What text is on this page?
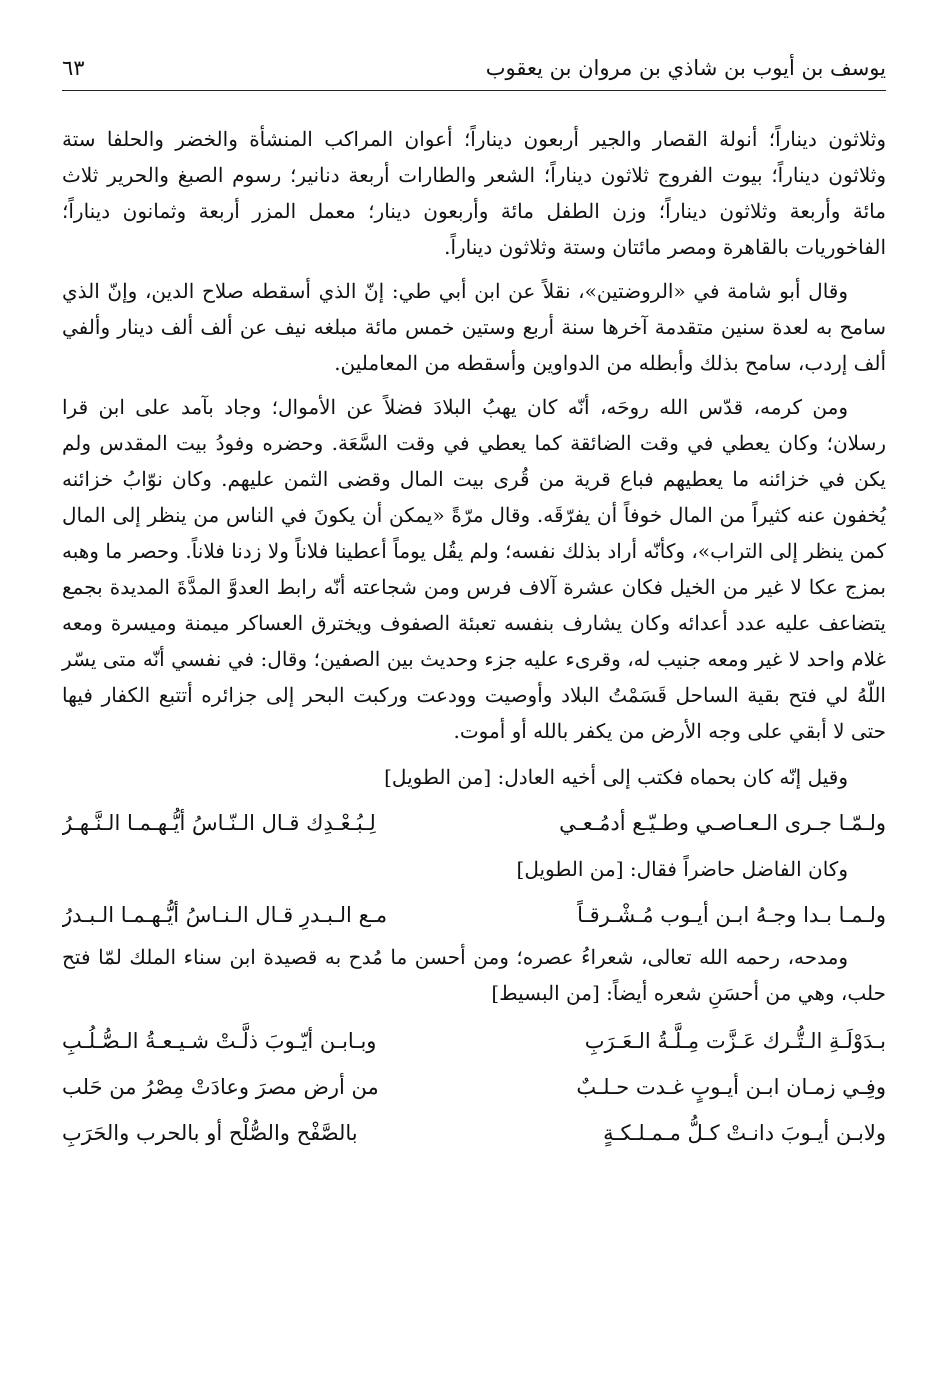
يوسف بن أيوب بن شاذي بن مروان بن يعقوب
٦٣

وثلاثون ديناراً؛ أنولة القصار والجير أربعون ديناراً؛ أعوان المراكب المنشأة والخضر والحلفا ستة وثلاثون ديناراً؛ بيوت الفروج ثلاثون ديناراً؛ الشعر والطارات أربعة دنانير؛ رسوم الصبغ والحرير ثلاث مائة وأربعة وثلاثون ديناراً؛ وزن الطفل مائة وأربعون دينار؛ معمل المزر أربعة وثمانون ديناراً؛ الفاخوريات بالقاهرة ومصر مائتان وستة وثلاثون ديناراً.

وقال أبو شامة في «الروضتين»، نقلاً عن ابن أبي طي: إنّ الذي أسقطه صلاح الدين، وإنّ الذي سامح به لعدة سنين متقدمة آخرها سنة أربع وستين خمس مائة مبلغه نيف عن ألف ألف دينار وألفي ألف إردب، سامح بذلك وأبطله من الدواوين وأسقطه من المعاملين.

ومن كرمه، قدّس الله روحَه، أنّه كان يهبُ البلادَ فضلاً عن الأموال؛ وجاد بآمد على ابن قرا رسلان؛ وكان يعطي في وقت الضائقة كما يعطي في وقت السَّعَة. وحضره وفودُ بيت المقدس ولم يكن في خزائنه ما يعطيهم فباع قرية من قُرى بيت المال وقضى الثمن عليهم. وكان نوّابُ خزائنه يُخفون عنه كثيراً من المال خوفاً أن يفرّقَه. وقال مرّةً «يمكن أن يكونَ في الناس من ينظر إلى المال كمن ينظر إلى التراب»، وكأنّه أراد بذلك نفسه؛ ولم يقُل يوماً أعطينا فلاناً ولا زدنا فلاناً. وحصر ما وهبه بمزج عكا لا غير من الخيل فكان عشرة آلاف فرس ومن شجاعته أنّه رابط العدوَّ المدَّةَ المديدة بجمع يتضاعف عليه عدد أعدائه وكان يشارف بنفسه تعبئة الصفوف ويخترق العساكر ميمنة وميسرة ومعه غلام واحد لا غير ومعه جنيب له، وقرىء عليه جزء وحديث بين الصفين؛ وقال: في نفسي أنّه متى يسّر اللّهُ لي فتح بقية الساحل قَسَمْتُ البلاد وأوصيت وودعت وركبت البحر إلى جزائره أتتبع الكفار فيها حتى لا أبقي على وجه الأرض من يكفر بالله أو أموت.

وقيل إنّه كان بحماه فكتب إلى أخيه العادل: [من الطويل]

ولـمّـا جـرى الـعـاصـي وطـيّـع أدمُـعـي
لِـبُـعْـدِك قـال الـنّـاسُ أيُّـهـمـا الـنَّـهـرُ

وكان الفاضل حاضراً فقال: [من الطويل]

ولـمـا بـدا وجـهُ ابـن أيـوب مُـشْـرقـاً
مـع الـبـدرِ قـال الـنـاسُ أيُّـهـمـا الـبـدرُ

ومدحه، رحمه الله تعالى، شعراءُ عصره؛ ومن أحسن ما مُدح به قصيدة ابن سناء الملك لمّا فتح حلب، وهي من أحسَنِ شعره أيضاً: [من البسيط]

بـدَوْلَـةِ الـتُّـرك عَـزَّت مِـلَّـةُ الـعَـرَبِ
وبـابـن أيّـوبَ ذلَّـتْ شـيـعـةُ الـصُّـلُـبِ
وفِـي زمـان ابـن أيـوبٍ غـدت حـلـبٌ
من أرض مصرَ وعادَتْ مِصْرُ من حَلب
ولابـن أيـوبَ دانـتْ كـلُّ مـمـلـكـةٍ
بالصَّفْح والصُّلْح أو بالحرب والحَرَبِ
